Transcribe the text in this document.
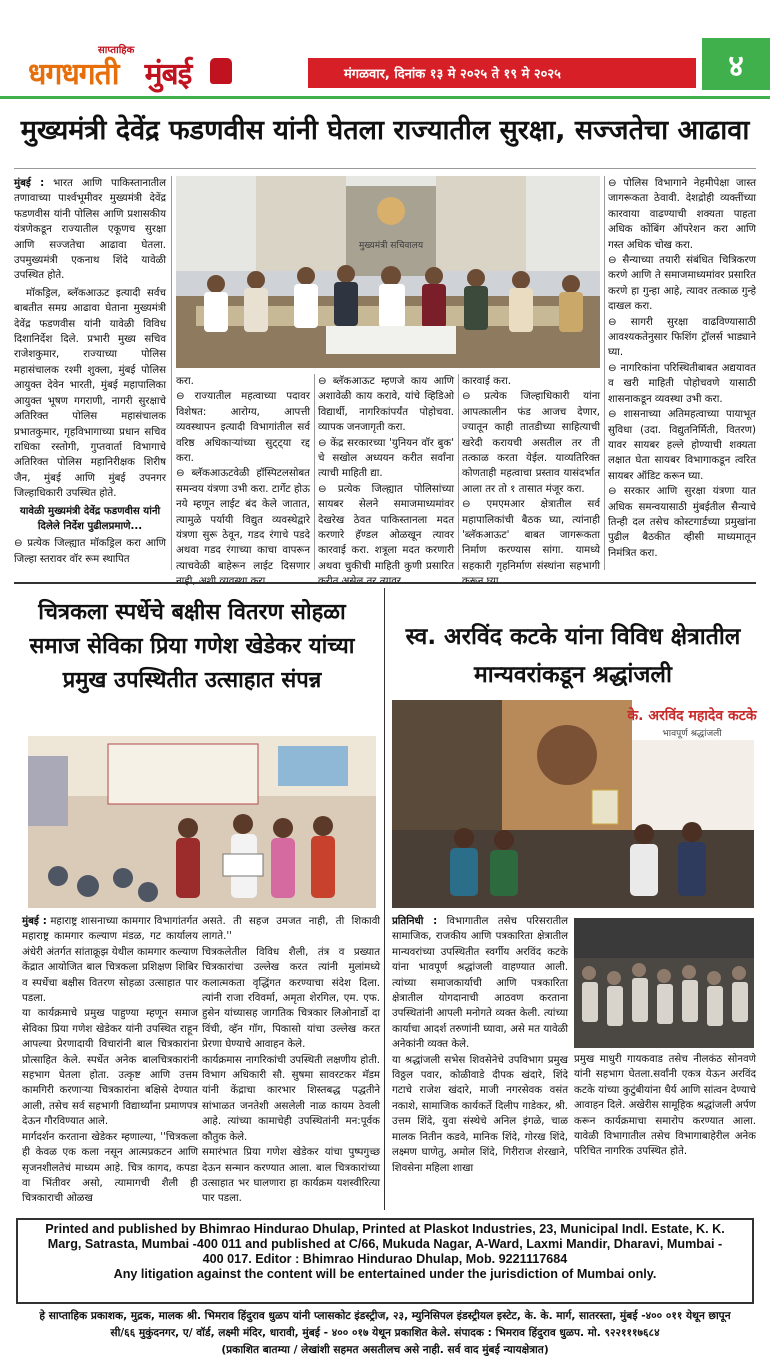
साप्ताहिक
धगधगती मुंबई	मंगळवार, दिनांक १३ मे २०२५ ते १९ मे २०२५	४
मुख्यमंत्री देवेंद्र फडणवीस यांनी घेतला राज्यातील सुरक्षा, सज्जतेचा आढावा

मुंबई : भारत आणि पाकिस्तानातील तणावाच्या पार्श्वभूमीवर मुख्यमंत्री देवेंद्र फडणवीस यांनी पोलिस आणि प्रशासकीय यंत्रणेकडून राज्यातील एकूणच सुरक्षा आणि सज्जतेचा आढावा घेतला. उपमुख्यमंत्री एकनाथ शिंदे यावेळी उपस्थित होते.

मॉकड्रिल, ब्लॅकआऊट इत्यादी सर्वच बाबतीत समग्र आढावा घेताना मुख्यमंत्री देवेंद्र फडणवीस यांनी यावेळी विविध दिशानिर्देश दिले. प्रभारी मुख्य सचिव राजेशकुमार, राज्याच्या पोलिस महासंचालक रश्मी शुक्ला, मुंबई पोलिस आयुक्त देवेन भारती, मुंबई महापालिका आयुक्त भूषण गगराणी, नागरी सुरक्षाचे अतिरिक्त पोलिस महासंचालक प्रभातकुमार, गृहविभागाच्या प्रधान सचिव राधिका रस्तोगी, गुप्तवार्ता विभागाचे अतिरिक्त पोलिस महानिरीक्षक शिरीष जैन, मुंबई आणि मुंबई उपनगर जिल्हाधिकारी उपस्थित होते.

यावेळी मुख्यमंत्री देवेंद्र फडणवीस यांनी दिलेले निर्देश पुढीलप्रमाणे...

⊖ प्रत्येक जिल्ह्यात मॉकड्रिल करा आणि जिल्हा स्तरावर वॉर रूम स्थापित

मुख्यमंत्री सचिवालय

करा.
⊖ राज्यातील महत्वाच्या पदावर विशेषत: आरोग्य, आपत्ती व्यवस्थापन इत्यादी विभागांतील सर्व वरिष्ठ अधिकाऱ्यांच्या सुट्ट्या रद्द करा.
⊖ ब्लॅकआऊटवेळी हॉस्पिटलसोबत समन्वय यंत्रणा उभी करा. टार्गेट होऊ नये म्हणून लाईट बंद केले जातात, त्यामुळे पर्यायी विद्युत व्यवस्थेद्वारे यंत्रणा सुरू ठेवून, गडद रंगाचे पडदे अथवा गडद रंगाच्या काचा वापरून त्याचवेळी बाहेरून लाईट दिसणार

⊖ ब्लॅकआऊट म्हणजे काय आणि अशावेळी काय करावे, यांचे व्हिडिओ विद्यार्थी, नागरिकांपर्यंत पोहोचवा. व्यापक जनजागृती करा.
⊖ केंद्र सरकारच्या 'युनियन वॉर बुक' चे सखोल अध्ययन करीत सर्वांना त्याची माहिती द्या.
⊖ प्रत्येक जिल्ह्यात पोलिसांच्या सायबर सेलने समाजमाध्यमांवर देखरेख ठेवत पाकिस्तानला मदत करणारे हॅण्डल ओळखून त्यावर कारवाई करा. शत्रूला मदत करणारी अथवा चुकीची माहिती कुणी प्रसारित

कारवाई करा.
⊖ प्रत्येक जिल्हाधिकारी यांना आपत्कालीन फंड आजच देणार, ज्यातून काही तातडीच्या साहित्याची खरेदी करायची असतील तर ती तत्काळ करता येईल. याव्यतिरिक्त कोणताही महत्वाचा प्रस्ताव यासंदर्भात आला तर तो १ तासात मंजूर करा.
⊖ एमएमआर क्षेत्रातील सर्व महापालिकांची बैठक घ्या, त्यांनाही 'ब्लॅकआऊट' बाबत जागरूकता निर्माण करण्यास सांगा. यामध्ये सहकारी गृहनिर्माण संस्थांना सहभागी

⊖ पोलिस विभागाने नेहमीपेक्षा जास्त जागरूकता ठेवावी. देशद्रोही व्यक्तींच्या कारवाया वाढण्याची शक्यता पाहता अधिक कोंबिंग ऑपरेशन करा आणि गस्त अधिक चोख करा.
⊖ सैन्याच्या तयारी संबंधित चित्रिकरण करणे आणि ते समाजमाध्यमांवर प्रसारित करणे हा गुन्हा आहे, त्यावर तत्काळ गुन्हे दाखल करा.
⊖ सागरी सुरक्षा वाढविण्यासाठी आवश्यकतेनुसार फिशिंग ट्रॉलर्स भाड्याने घ्या.
⊖ नागरिकांना परिस्थितीबाबत अद्ययावत व खरी माहिती पोहोचवणे यासाठी शासनाकडून व्यवस्था उभी करा.
⊖ शासनाच्या अतिमहत्वाच्या पायाभूत सुविधा (उदा. विद्युतनिर्मिती, वितरण) यावर सायबर हल्ले होण्याची शक्यता लक्षात घेता सायबर विभागाकडून त्वरित सायबर ऑडिट करून घ्या.
⊖ सरकार आणि सुरक्षा यंत्रणा यात अधिक समन्वयासाठी मुंबईतील सैन्याचे तिन्ही दल तसेच कोस्टगार्डच्या प्रमुखांना पुढील बैठकीत व्हीसी माध्यमातून निमंत्रित करा.

चित्रकला स्पर्धेचे बक्षीस वितरण सोहळा
समाज सेविका प्रिया गणेश खेडेकर यांच्या
प्रमुख उपस्थितीत उत्साहात संपन्न

मुंबई : महाराष्ट्र शासनाच्या कामगार विभागांतर्गत महाराष्ट्र कामगार कल्याण मंडळ, गट कार्यालय अंधेरी अंतर्गत सांताक्रूझ येथील कामगार कल्याण केंद्रात आयोजित बाल चित्रकला प्रशिक्षण शिबिर व स्पर्धेचा बक्षीस वितरण सोहळा उत्साहात पार पडला.
या कार्यक्रमाचे प्रमुख पाहुण्या म्हणून समाज सेविका प्रिया गणेश खेडेकर यांनी उपस्थित राहून आपल्या प्रेरणादायी विचारांनी बाल चित्रकारांना प्रोत्साहित केले. स्पर्धेत अनेक बालचित्रकारांनी सहभाग घेतला होता. उत्कृष्ट आणि उत्तम कामगिरी करणाऱ्या चित्रकारांना बक्षिसे देण्यात आली, तसेच सर्व सहभागी विद्यार्थ्यांना प्रमाणपत्र देऊन गौरविण्यात आले.
मार्गदर्शन करताना खेडेकर म्हणाल्या, ''चित्रकला ही केवळ एक कला नसून आत्मप्रकटन आणि सृजनशीलतेचं माध्यम आहे. चित्र कागद, कपडा वा भिंतीवर असो, त्यामागची शैली ही चित्रकाराची ओळख

असते. ती सहज उमजत नाही, ती शिकावी लागते.''
चित्रकलेतील विविध शैली, तंत्र व प्रख्यात चित्रकारांचा उल्लेख करत त्यांनी मुलांमध्ये कलात्मकता वृद्धिंगत करण्याचा संदेश दिला. त्यांनी राजा रविवर्मा, अमृता शेरगिल, एम. एफ. हुसेन यांच्यासह जागतिक चित्रकार लिओनार्डो दा विंची, व्हॅन गॉग, पिकासो यांचा उल्लेख करत प्रेरणा घेण्याचे आवाहन केले.
कार्यक्रमास नागरिकांची उपस्थिती लक्षणीय होती. विभाग अधिकारी सौ. सुषमा सावरटकर मॅडम यांनी केंद्राचा कारभार शिस्तबद्ध पद्धतीने सांभाळत जनतेशी असलेली नाळ कायम ठेवली आहे. त्यांच्या कामाचेही उपस्थितांनी मन:पूर्वक कौतुक केले.
समारंभात प्रिया गणेश खेडेकर यांचा पुष्पगुच्छ देऊन सन्मान करण्यात आला. बाल चित्रकारांच्या उत्साहात भर घालणारा हा कार्यक्रम यशस्वीरित्या पार पडला.

स्व. अरविंद कटके यांना विविध क्षेत्रातील
मान्यवरांकडून श्रद्धांजली
के. अरविंद महादेव कटके
भावपूर्ण श्रद्धांजली

प्रतिनिधी : विभागातील तसेच परिसरातील सामाजिक, राजकीय आणि पत्रकारिता क्षेत्रातील मान्यवरांच्या उपस्थितीत स्वर्गीय अरविंद कटके यांना भावपूर्ण श्रद्धांजली वाहण्यात आली. त्यांच्या समाजकार्याची आणि पत्रकारिता क्षेत्रातील योगदानाची आठवण करताना उपस्थितांनी आपली मनोगते व्यक्त केली. त्यांच्या कार्याचा आदर्श तरुणांनी घ्यावा, असे मत यावेळी अनेकांनी व्यक्त केले.
या श्रद्धांजली सभेस शिवसेनेचे उपविभाग प्रमुख विठ्ठल पवार, कोळीवाडे दीपक खंदारे, शिंदे गटाचे राजेश खंदारे, माजी नगरसेवक वसंत नकाशे, सामाजिक कार्यकर्ते दिलीप गाडेकर, श्री. उत्तम शिंदे, युवा संस्थेचे अनिल इंगळे, चाळ मालक नितीन कडवे, मानिक शिंदे, गोरख शिंदे, लक्ष्मण घाणेतु, अमोल शिंदे, गिरीराज शेरखाने, शिवसेना महिला शाखा

प्रमुख माधुरी गायकवाड तसेच नीलकंठ सोनवणे यांनी सहभाग घेतला.सर्वांनी एकत्र येऊन अरविंद कटके यांच्या कुटुंबीयांना धैर्य आणि सांत्वन देण्याचे आवाहन दिले. अखेरीस सामूहिक श्रद्धांजली अर्पण करून कार्यक्रमाचा समारोप करण्यात आला. यावेळी विभागातील तसेच विभागाबाहेरील अनेक परिचित नागरिक उपस्थित होते.

Printed and published by Bhimrao Hindurao Dhulap, Printed at Plaskot Industries, 23, Municipal Indl. Estate, K. K.
Marg, Satrasta, Mumbai -400 011 and published at C/66, Mukuda Nagar, A-Ward, Laxmi Mandir, Dharavi, Mumbai -
400 017. Editor : Bhimrao Hindurao Dhulap, Mob. 9221117684
Any litigation against the content will be entertained under the jurisdiction of Mumbai only.
हे साप्ताहिक प्रकाशक, मुद्रक, मालक श्री. भिमराव हिंदुराव धुळप यांनी प्लासकोट इंडस्ट्रीज, २३, म्युनिसिपल इंडस्ट्रीयल इस्टेट, के. के. मार्ग, सातरस्ता, मुंबई -४०० ०११ येथून छापून
सी/६६ मुकुंदनगर, ए/ वॉर्ड, लक्ष्मी मंदिर, धारावी, मुंबई - ४०० ०१७ येथून प्रकाशित केले. संपादक : भिमराव हिंदुराव धुळप. मो. ९२२१११७६८४
(प्रकाशित बातम्या / लेखांशी सहमत असतीलच असे नाही. सर्व वाद मुंबई न्यायक्षेत्रात)
